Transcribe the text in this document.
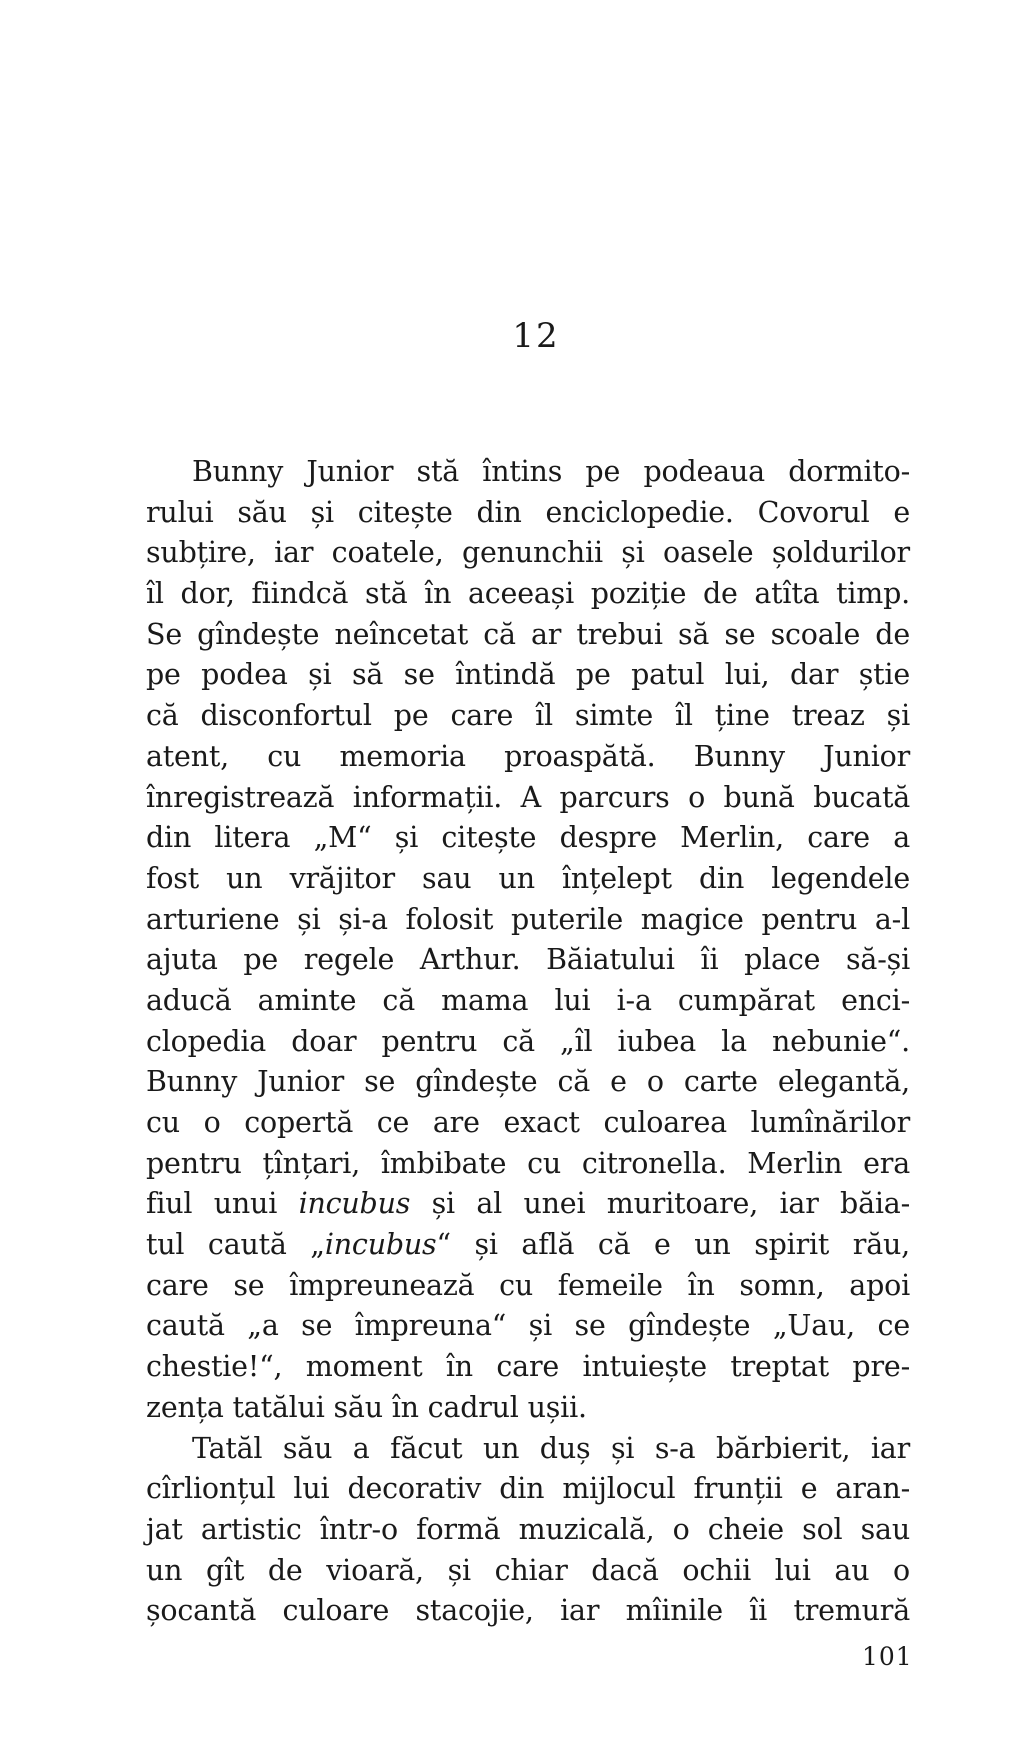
12
Bunny Junior stă întins pe podeaua dormito-
rului său și citește din enciclopedie. Covorul e
subțire, iar coatele, genunchii și oasele șoldurilor
îl dor, fiindcă stă în aceeași poziție de atîta timp.
Se gîndește neîncetat că ar trebui să se scoale de
pe podea și să se întindă pe patul lui, dar știe
că disconfortul pe care îl simte îl ține treaz și
atent, cu memoria proaspătă. Bunny Junior
înregistrează informații. A parcurs o bună bucată
din litera „M“ și citește despre Merlin, care a
fost un vrăjitor sau un înțelept din legendele
arturiene și și-a folosit puterile magice pentru a-l
ajuta pe regele Arthur. Băiatului îi place să-și
aducă aminte că mama lui i-a cumpărat enci-
clopedia doar pentru că „îl iubea la nebunie“.
Bunny Junior se gîndește că e o carte elegantă,
cu o copertă ce are exact culoarea lumînărilor
pentru țînțari, îmbibate cu citronella. Merlin era
fiul unui incubus și al unei muritoare, iar băia-
tul caută „incubus“ și află că e un spirit rău,
care se împreunează cu femeile în somn, apoi
caută „a se împreuna“ și se gîndește „Uau, ce
chestie!“, moment în care intuiește treptat pre-
zența tatălui său în cadrul ușii.
Tatăl său a făcut un duș și s-a bărbierit, iar
cîrlionțul lui decorativ din mijlocul frunții e aran-
jat artistic într-o formă muzicală, o cheie sol sau
un gît de vioară, și chiar dacă ochii lui au o
șocantă culoare stacojie, iar mîinile îi tremură
101
